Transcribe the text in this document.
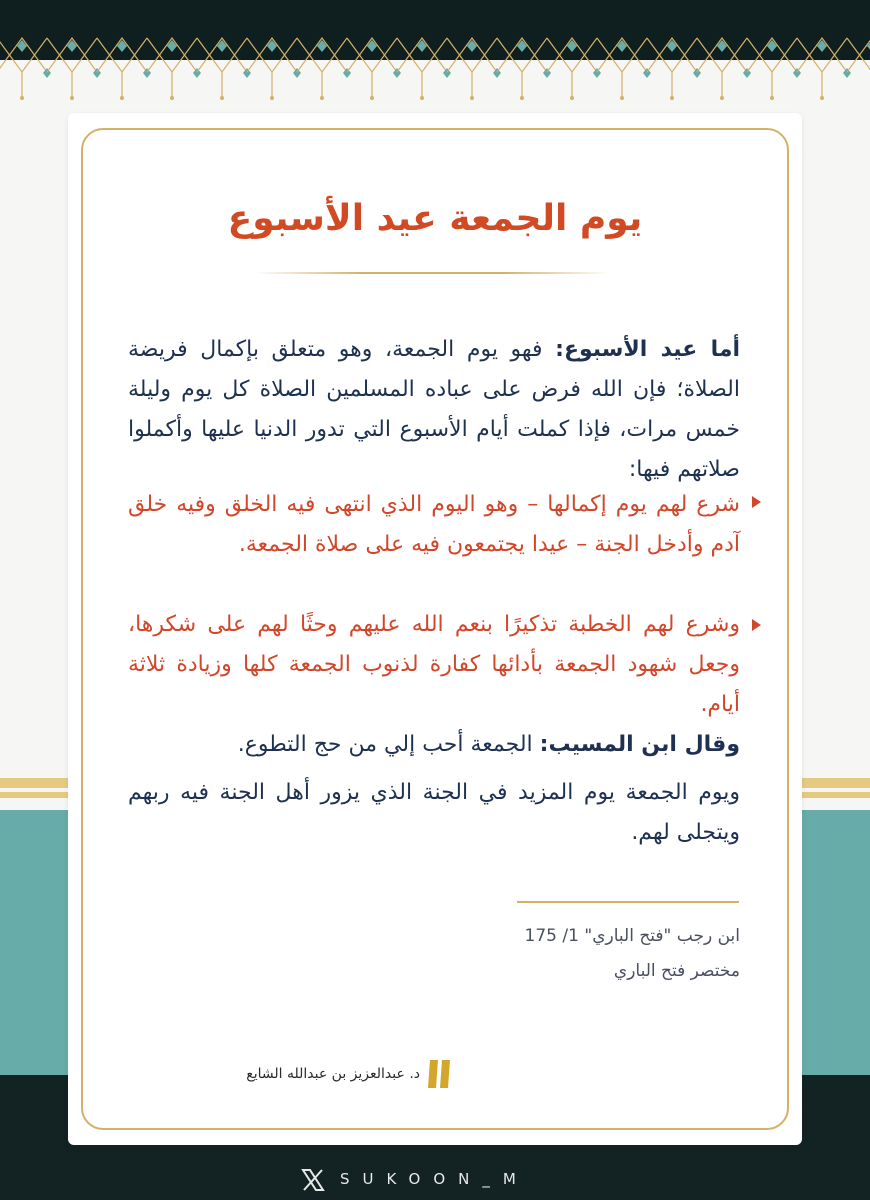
يوم الجمعة عيد الأسبوع
أما عيد الأسبوع: فهو يوم الجمعة، وهو متعلق بإكمال فريضة الصلاة؛ فإن الله فرض على عباده المسلمين الصلاة كل يوم وليلة خمس مرات، فإذا كملت أيام الأسبوع التي تدور الدنيا عليها وأكملوا صلاتهم فيها:
شرع لهم يوم إكمالها – وهو اليوم الذي انتهى فيه الخلق وفيه خلق آدم وأدخل الجنة – عيدا يجتمعون فيه على صلاة الجمعة.
وشرع لهم الخطبة تذكيرًا بنعم الله عليهم وحثًا لهم على شكرها، وجعل شهود الجمعة بأدائها كفارة لذنوب الجمعة كلها وزيادة ثلاثة أيام.
وقال ابن المسيب: الجمعة أحب إلي من حج التطوع.
ويوم الجمعة يوم المزيد في الجنة الذي يزور أهل الجنة فيه ربهم ويتجلى لهم.
ابن رجب "فتح الباري" 1/ 175
مختصر فتح الباري
د. عبدالعزيز بن عبدالله الشايع
SUKOON_M
